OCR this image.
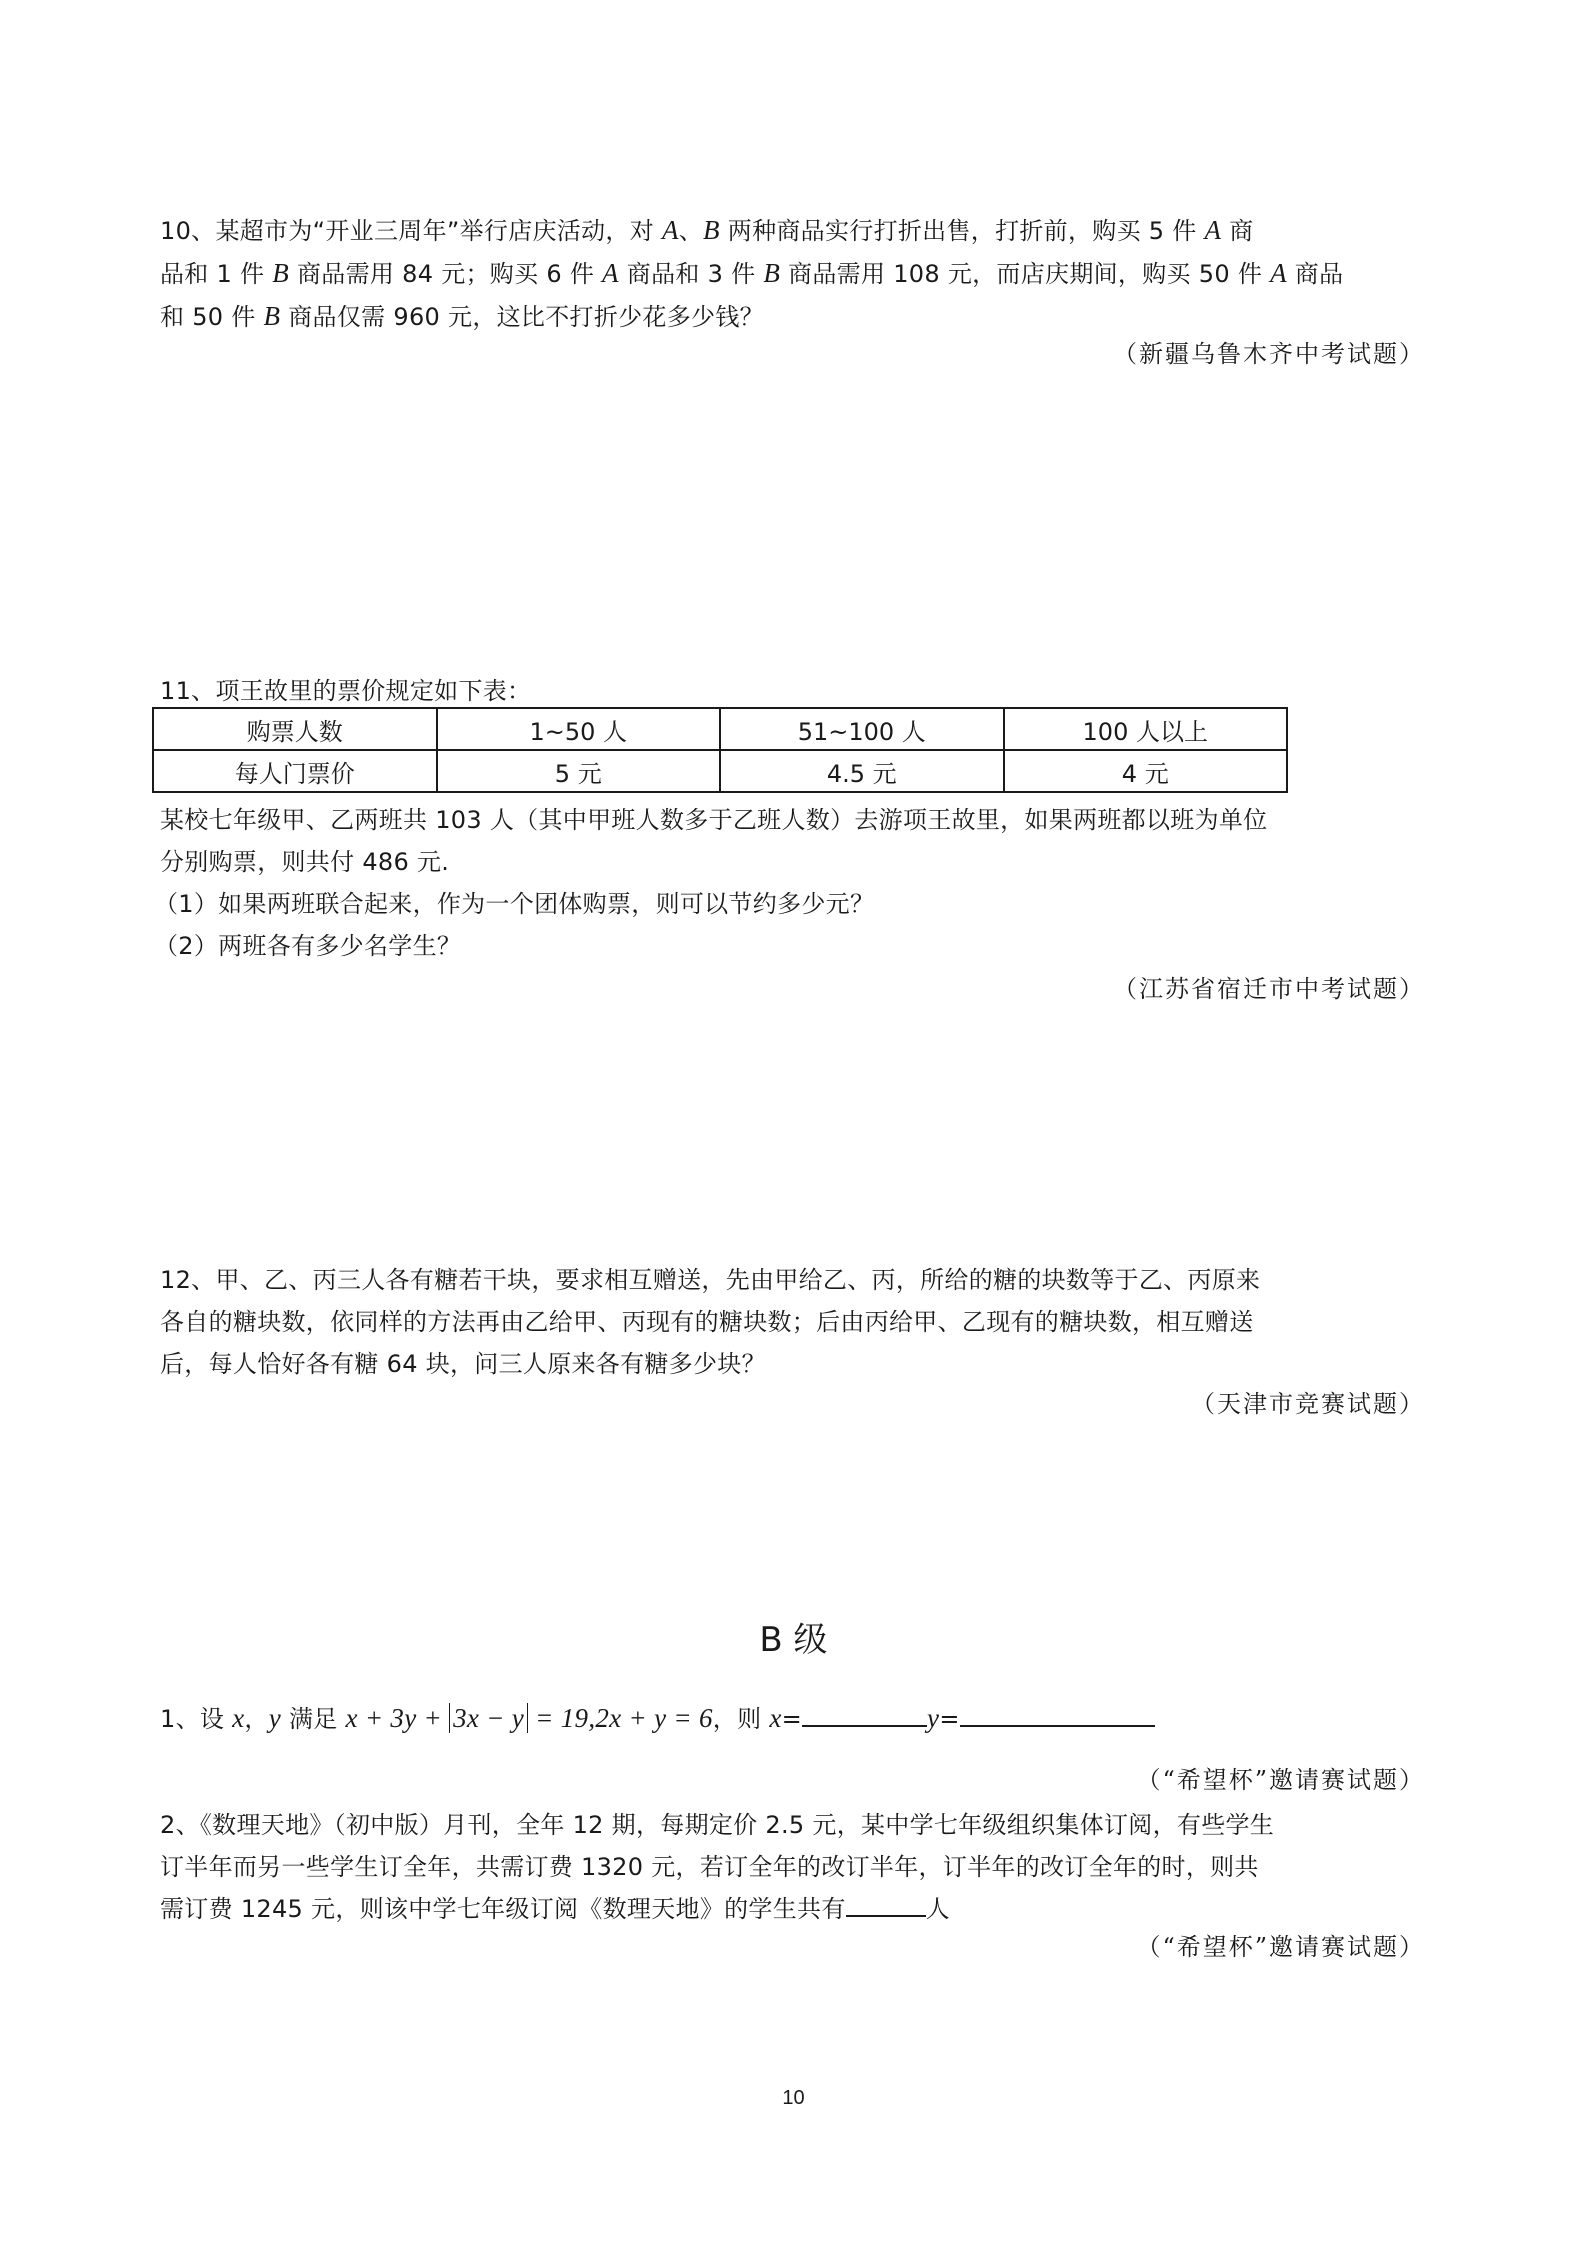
10、某超市为“开业三周年”举行店庆活动，对 A、B 两种商品实行打折出售，打折前，购买 5 件 A 商
品和 1 件 B 商品需用 84 元；购买 6 件 A 商品和 3 件 B 商品需用 108 元，而店庆期间，购买 50 件 A 商品
和 50 件 B 商品仅需 960 元，这比不打折少花多少钱？
（新疆乌鲁木齐中考试题）
11、项王故里的票价规定如下表：
购票人数	1~50 人	51~100 人	100 人以上
每人门票价	5 元	4.5 元	4 元
某校七年级甲、乙两班共 103 人（其中甲班人数多于乙班人数）去游项王故里，如果两班都以班为单位
分别购票，则共付 486 元.
（1）如果两班联合起来，作为一个团体购票，则可以节约多少元？
（2）两班各有多少名学生？
（江苏省宿迁市中考试题）
12、甲、乙、丙三人各有糖若干块，要求相互赠送，先由甲给乙、丙，所给的糖的块数等于乙、丙原来
各自的糖块数，依同样的方法再由乙给甲、丙现有的糖块数；后由丙给甲、乙现有的糖块数，相互赠送
后，每人恰好各有糖 64 块，问三人原来各有糖多少块？
（天津市竞赛试题）
B 级
1、设 x，y 满足 x + 3y + 3x − y = 19,2x + y = 6，则 x=	y=
（“希望杯”邀请赛试题）
2、《数理天地》（初中版）月刊，全年 12 期，每期定价 2.5 元，某中学七年级组织集体订阅，有些学生
订半年而另一些学生订全年，共需订费 1320 元，若订全年的改订半年，订半年的改订全年的时，则共
需订费 1245 元，则该中学七年级订阅《数理天地》的学生共有	人
（“希望杯”邀请赛试题）
10
